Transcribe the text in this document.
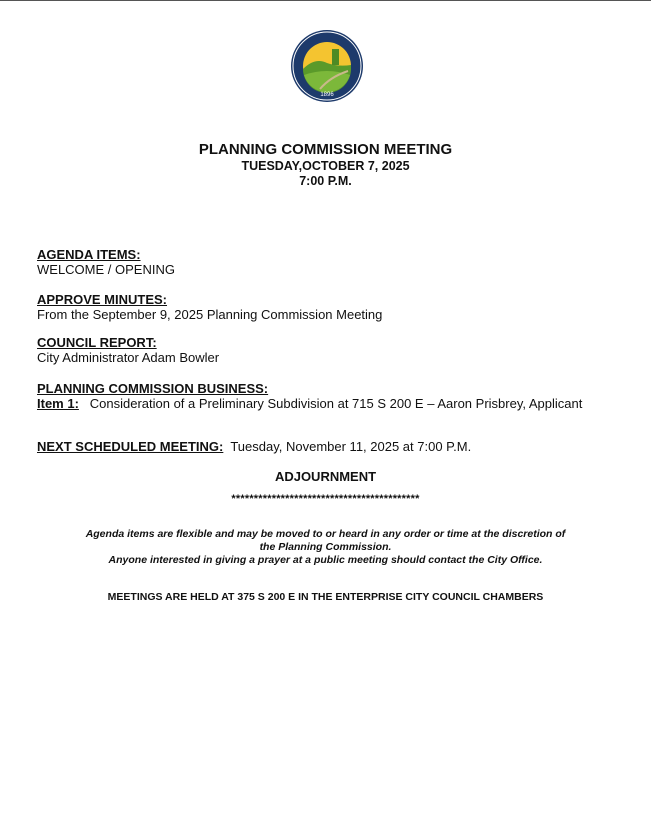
1896
PLANNING COMMISSION MEETING
TUESDAY,OCTOBER 7, 2025
7:00 P.M.
AGENDA ITEMS:
WELCOME / OPENING
APPROVE MINUTES:
From the September 9, 2025 Planning Commission Meeting
COUNCIL REPORT:
City Administrator Adam Bowler
PLANNING COMMISSION BUSINESS:
Item 1: Consideration of a Preliminary Subdivision at 715 S 200 E – Aaron Prisbrey, Applicant
NEXT SCHEDULED MEETING: Tuesday, November 11, 2025 at 7:00 P.M.
ADJOURNMENT
******************************************
Agenda items are flexible and may be moved to or heard in any order or time at the discretion of
the Planning Commission.
Anyone interested in giving a prayer at a public meeting should contact the City Office.
MEETINGS ARE HELD AT 375 S 200 E IN THE ENTERPRISE CITY COUNCIL CHAMBERS
